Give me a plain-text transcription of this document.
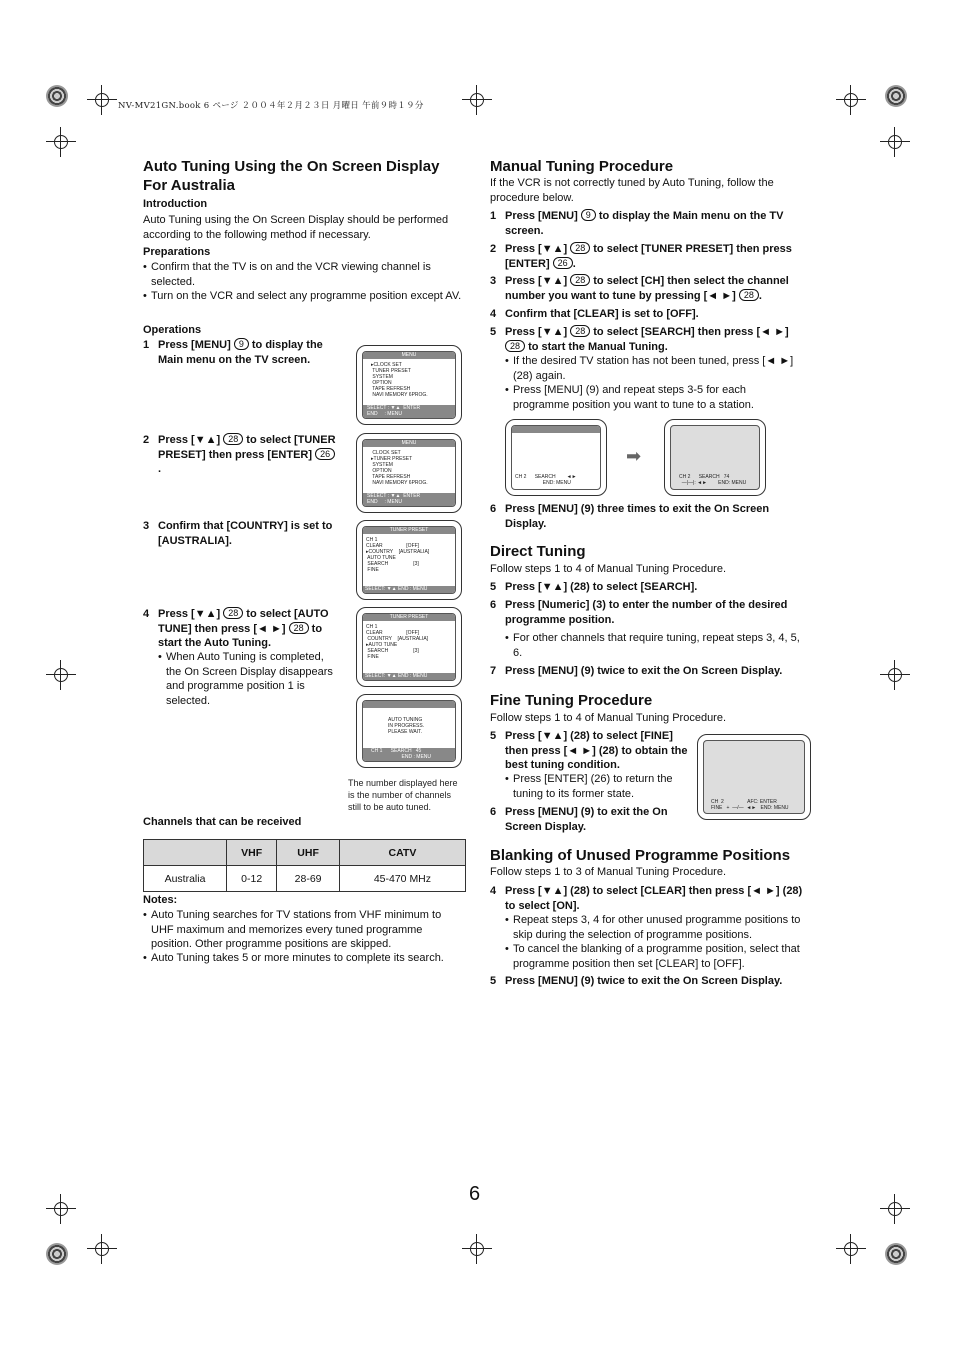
NV-MV21GN.book 6 ページ ２００４年２月２３日 月曜日 午前９時１９分
Auto Tuning Using the On Screen Display For Australia
Introduction
Auto Tuning using the On Screen Display should be performed according to the following method if necessary.
Preparations
• Confirm that the TV is on and the VCR viewing channel is selected.
• Turn on the VCR and select any programme position except AV.
Operations
1 Press [MENU] 9 to display the Main menu on the TV screen.
2 Press [▼▲] 28 to select [TUNER PRESET] then press [ENTER] 26.
3 Confirm that [COUNTRY] is set to [AUSTRALIA].
4 Press [▼▲] 28 to select [AUTO TUNE] then press [◄ ►] 28 to start the Auto Tuning.
• When Auto Tuning is completed, the On Screen Display disappears and programme position 1 is selected.
MENU
▸CLOCK SET
TUNER PRESET
SYSTEM
OPTION
TAPE REFRESH
NAVI MEMORY 6PROG.
SELECT : ▼▲  ENTER
END     : MENU
MENU
CLOCK SET
▸TUNER PRESET
SYSTEM
OPTION
TAPE REFRESH
NAVI MEMORY 6PROG.
SELECT : ▼▲  ENTER
END     : MENU
TUNER PRESET
CH 1
CLEAR                 [OFF]
▸COUNTRY    [AUSTRALIA]
AUTO TUNE
SEARCH                  [3]
FINE
SELECT: ▼▲ END : MENU
TUNER PRESET
CH 1
CLEAR                 [OFF]
COUNTRY    [AUSTRALIA]
▸AUTO TUNE
SEARCH                  [3]
FINE
SELECT: ▼▲ END : MENU
AUTO TUNING
IN PROGRESS.
PLEASE WAIT.
CH 1      SEARCH   45
END : MENU
The number displayed here is the number of channels still to be auto tuned.
Channels that can be received
	VHF	UHF	CATV
Australia	0-12	28-69	45-470 MHz
Notes:
• Auto Tuning searches for TV stations from VHF minimum to UHF maximum and memorizes every tuned programme position. Other programme positions are skipped.
• Auto Tuning takes 5 or more minutes to complete its search.
Manual Tuning Procedure
If the VCR is not correctly tuned by Auto Tuning, follow the procedure below.
1 Press [MENU] 9 to display the Main menu on the TV screen.
2 Press [▼▲] 28 to select [TUNER PRESET] then press [ENTER] 26 .
3 Press [▼▲] 28 to select [CH] then select the channel number you want to tune by pressing [◄ ►] 28 .
4 Confirm that [CLEAR] is set to [OFF].
5 Press [▼▲] 28 to select [SEARCH] then press [◄ ►] 28 to start the Manual Tuning.
• If the desired TV station has not been tuned, press [◄ ►] (28) again.
• Press [MENU] (9) and repeat steps 3-5 for each programme position you want to tune to a station.
CH 2      SEARCH        ◄►
END: MENU
➡
CH 2      SEARCH   74
—|—|: ◄►        END: MENU
6 Press [MENU] (9) three times to exit the On Screen Display.
Direct Tuning
Follow steps 1 to 4 of Manual Tuning Procedure.
5 Press [▼▲] (28) to select [SEARCH].
6 Press [Numeric] (3) to enter the number of the desired programme position.
• For other channels that require tuning, repeat steps 3, 4, 5, 6.
7 Press [MENU] (9) twice to exit the On Screen Display.
Fine Tuning Procedure
Follow steps 1 to 4 of Manual Tuning Procedure.
5 Press [▼▲] (28) to select [FINE] then press [◄ ►] (28) to obtain the best tuning condition.
• Press [ENTER] (26) to return the tuning to its former state.
6 Press [MENU] (9) to exit the On Screen Display.
CH  2                 AFC: ENTER
FINE   +  —/—  ◄►   END: MENU
Blanking of Unused Programme Positions
Follow steps 1 to 3 of Manual Tuning Procedure.
4 Press [▼▲] (28) to select [CLEAR] then press [◄ ►] (28) to select [ON].
• Repeat steps 3, 4 for other unused programme positions to skip during the selection of programme positions.
• To cancel the blanking of a programme position, select that programme position then set [CLEAR] to [OFF].
5 Press [MENU] (9) twice to exit the On Screen Display.
6
